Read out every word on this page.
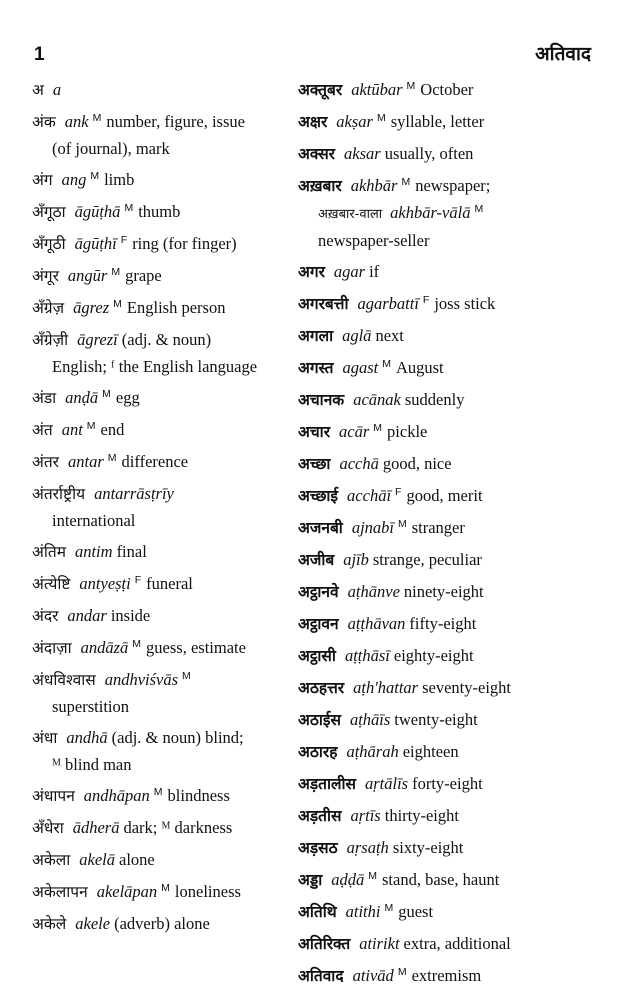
1	अतिवाद
अ a
अंक ank $^M$ number, figure, issue
(of journal), mark
अंग ang $^M$ limb
अँगूठा āgūṭhā $^M$ thumb
अँगूठी āgūṭhī $^F$ ring (for finger)
अंगूर angūr $^M$ grape
अँग्रेज़ āgrez $^M$ English person
अँग्रेज़ी āgrezī (adj. & noun)
English; ᶠ the English language
अंडा anḍā $^M$ egg
अंत ant $^M$ end
अंतर antar $^M$ difference
अंतर्राष्ट्रीय antarrāsṭrīy
international
अंतिम antim final
अंत्येष्टि antyeṣṭi $^F$ funeral
अंदर andar inside
अंदाज़ा andāzā $^M$ guess, estimate
अंधविश्वास andhviśvās $^M$
superstition
अंधा andhā (adj. & noun) blind;
ᴹ blind man
अंधापन andhāpan $^M$ blindness
अँधेरा ādherā dark; ᴹ darkness
अकेला akelā alone
अकेलापन akelāpan $^M$ loneliness
अकेले akele (adverb) alone
अक्तूबर aktūbar $^M$ October
अक्षर akṣar $^M$ syllable, letter
अक्सर aksar usually, often
अख़बार akhbār $^M$ newspaper;
अख़बार-वाला akhbār-vālā $^M$
newspaper-seller
अगर agar if
अगरबत्ती agarbattī $^F$ joss stick
अगला aglā next
अगस्त agast $^M$ August
अचानक acānak suddenly
अचार acār $^M$ pickle
अच्छा acchā good, nice
अच्छाई acchāī $^F$ good, merit
अजनबी ajnabī $^M$ stranger
अजीब ajīb strange, peculiar
अट्ठानवे aṭhānve ninety-eight
अट्ठावन aṭṭhāvan fifty-eight
अट्ठासी aṭṭhāsī eighty-eight
अठहत्तर aṭh'hattar seventy-eight
अठाईस aṭhāīs twenty-eight
अठारह aṭhārah eighteen
अड़तालीस aṛtālīs forty-eight
अड़तीस aṛtīs thirty-eight
अड़सठ aṛsaṭh sixty-eight
अड्डा aḍḍā $^M$ stand, base, haunt
अतिथि atithi $^M$ guest
अतिरिक्त atirikt extra, additional
अतिवाद ativād $^M$ extremism
